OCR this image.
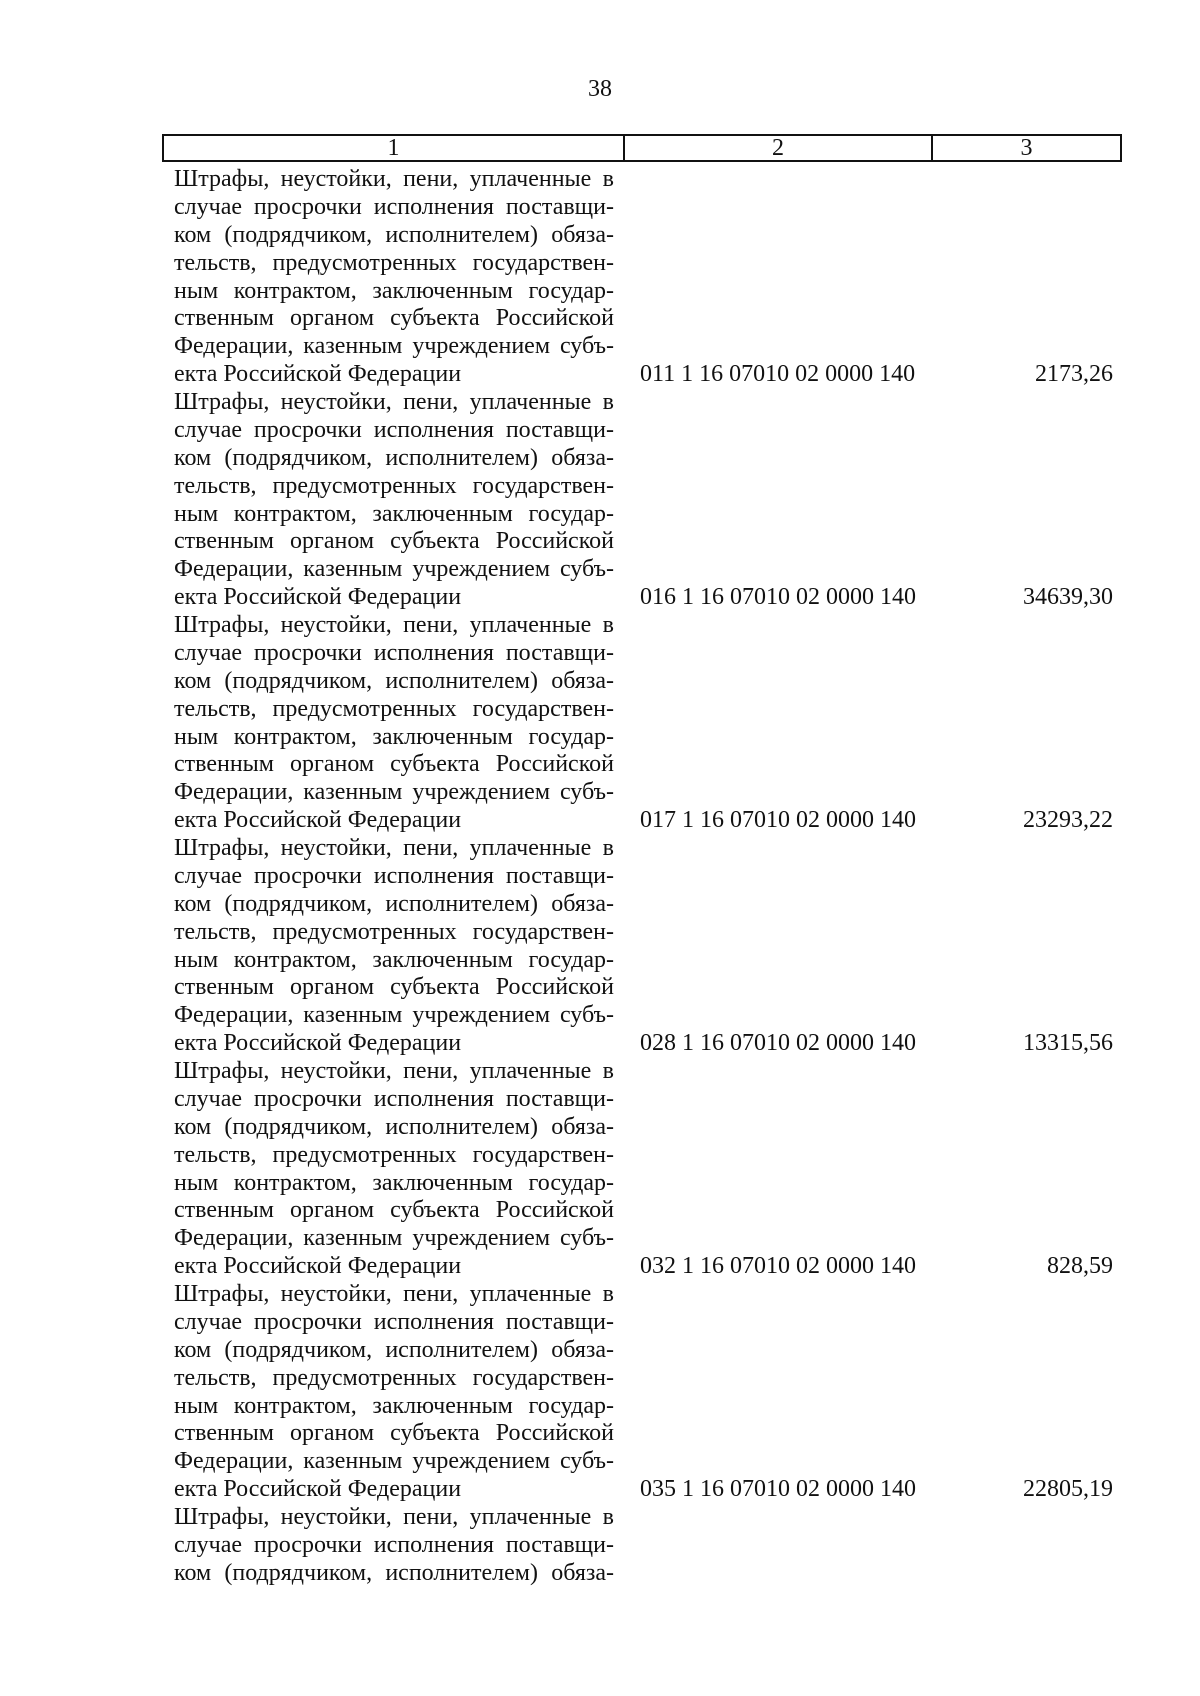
38
1	2	3
Штрафы, неустойки, пени, уплаченные в
случае просрочки исполнения поставщи-
ком (подрядчиком, исполнителем) обяза-
тельств, предусмотренных государствен-
ным контрактом, заключенным государ-
ственным органом субъекта Российской
Федерации, казенным учреждением субъ-
екта Российской Федерации	011 1 16 07010 02 0000 140	2173,26
Штрафы, неустойки, пени, уплаченные в
случае просрочки исполнения поставщи-
ком (подрядчиком, исполнителем) обяза-
тельств, предусмотренных государствен-
ным контрактом, заключенным государ-
ственным органом субъекта Российской
Федерации, казенным учреждением субъ-
екта Российской Федерации	016 1 16 07010 02 0000 140	34639,30
Штрафы, неустойки, пени, уплаченные в
случае просрочки исполнения поставщи-
ком (подрядчиком, исполнителем) обяза-
тельств, предусмотренных государствен-
ным контрактом, заключенным государ-
ственным органом субъекта Российской
Федерации, казенным учреждением субъ-
екта Российской Федерации	017 1 16 07010 02 0000 140	23293,22
Штрафы, неустойки, пени, уплаченные в
случае просрочки исполнения поставщи-
ком (подрядчиком, исполнителем) обяза-
тельств, предусмотренных государствен-
ным контрактом, заключенным государ-
ственным органом субъекта Российской
Федерации, казенным учреждением субъ-
екта Российской Федерации	028 1 16 07010 02 0000 140	13315,56
Штрафы, неустойки, пени, уплаченные в
случае просрочки исполнения поставщи-
ком (подрядчиком, исполнителем) обяза-
тельств, предусмотренных государствен-
ным контрактом, заключенным государ-
ственным органом субъекта Российской
Федерации, казенным учреждением субъ-
екта Российской Федерации	032 1 16 07010 02 0000 140	828,59
Штрафы, неустойки, пени, уплаченные в
случае просрочки исполнения поставщи-
ком (подрядчиком, исполнителем) обяза-
тельств, предусмотренных государствен-
ным контрактом, заключенным государ-
ственным органом субъекта Российской
Федерации, казенным учреждением субъ-
екта Российской Федерации	035 1 16 07010 02 0000 140	22805,19
Штрафы, неустойки, пени, уплаченные в
случае просрочки исполнения поставщи-
ком (подрядчиком, исполнителем) обяза-
